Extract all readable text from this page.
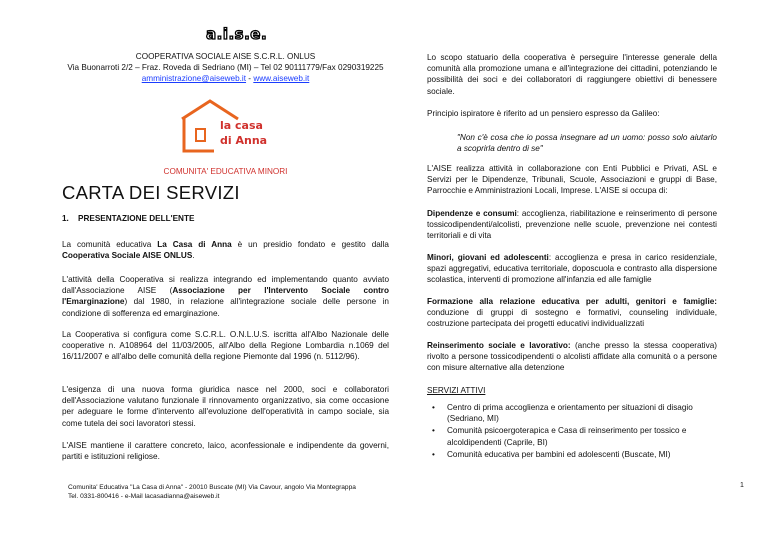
a.i.s.e.
COOPERATIVA SOCIALE AISE S.C.R.L. ONLUS
Via Buonarroti 2/2 – Fraz. Roveda di Sedriano (MI) – Tel 02 90111779/Fax 0290319225
amministrazione@aiseweb.it - www.aiseweb.it
la casa
di Anna
COMUNITA' EDUCATIVA MINORI
CARTA DEI SERVIZI
1. PRESENTAZIONE DELL'ENTE

La comunità educativa La Casa di Anna è un presidio fondato e gestito dalla Cooperativa Sociale AISE ONLUS.

L'attività della Cooperativa si realizza integrando ed implementando quanto avviato dall'Associazione AISE (Associazione per l'Intervento Sociale contro l'Emarginazione) dal 1980, in relazione all'integrazione sociale delle persone in condizione di sofferenza ed emarginazione.

La Cooperativa si configura come S.C.R.L. O.N.L.U.S. iscritta all'Albo Nazionale delle cooperative n. A108964 del 11/03/2005, all'Albo della Regione Lombardia n.1069 del 16/11/2007 e all'albo delle comunità della regione Piemonte dal 1996 (n. 5112/96).

L'esigenza di una nuova forma giuridica nasce nel 2000, soci e collaboratori dell'Associazione valutano funzionale il rinnovamento organizzativo, sia come occasione per adeguare le forme d'intervento all'evoluzione dell'operatività in campo sociale, sia come tutela dei soci lavoratori stessi.

L'AISE mantiene il carattere concreto, laico, aconfessionale e indipendente da governi, partiti e istituzioni religiose.

Lo scopo statuario della cooperativa è perseguire l'interesse generale della comunità alla promozione umana e all'integrazione dei cittadini, potenziando le possibilità dei soci e dei collaboratori di raggiungere obiettivi di benessere sociale.

Principio ispiratore è riferito ad un pensiero espresso da Galileo:

"Non c'è cosa che io possa insegnare ad un uomo: posso solo aiutarlo a scoprirla dentro di se"

L'AISE realizza attività in collaborazione con Enti Pubblici e Privati, ASL e Servizi per le Dipendenze, Tribunali, Scuole, Associazioni e gruppi di Base, Parrocchie e Amministrazioni Locali, Imprese. L'AISE si occupa di:

Dipendenze e consumi: accoglienza, riabilitazione e reinserimento di persone tossicodipendenti/alcolisti, prevenzione nelle scuole, prevenzione nei contesti territoriali e di vita

Minori, giovani ed adolescenti: accoglienza e presa in carico residenziale, spazi aggregativi, educativa territoriale, doposcuola e contrasto alla dispersione scolastica, interventi di promozione all'infanzia ed alle famiglie

Formazione alla relazione educativa per adulti, genitori e famiglie: conduzione di gruppi di sostegno e formativi, counseling individuale, costruzione partecipata dei progetti educativi individualizzati

Reinserimento sociale e lavorativo: (anche presso la stessa cooperativa) rivolto a persone tossicodipendenti o alcolisti affidate alla comunità o a persone con misure alternative alla detenzione

SERVIZI ATTIVI
• Centro di prima accoglienza e orientamento per situazioni di disagio (Sedriano, MI)
• Comunità psicoergoterapica e Casa di reinserimento per tossico e alcoldipendenti (Caprile, BI)
• Comunità educativa per bambini ed adolescenti (Buscate, MI)
Comunita' Educativa "La Casa di Anna" - 20010 Buscate (MI) Via Cavour, angolo Via Montegrappa
Tel. 0331-800416 - e-Mail lacasadianna@aiseweb.it
1
